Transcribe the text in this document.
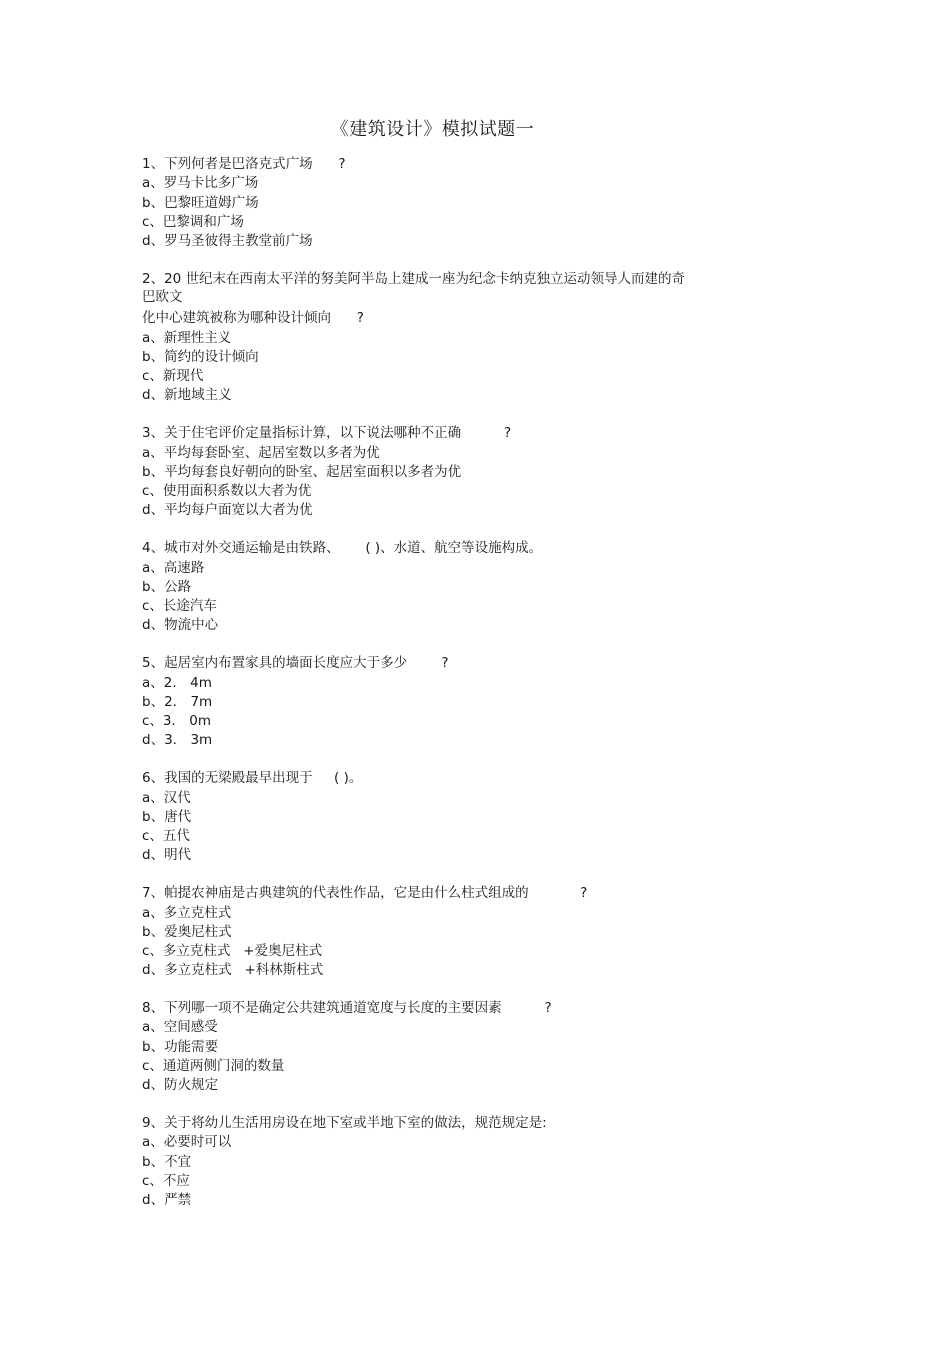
《建筑设计》模拟试题一
1、下列何者是巴洛克式广场      ?
a、罗马卡比多广场
b、巴黎旺道姆广场
c、巴黎调和广场
d、罗马圣彼得主教堂前广场
2、20 世纪末在西南太平洋的努美阿半岛上建成一座为纪念卡纳克独立运动领导人而建的奇
巴欧文
化中心建筑被称为哪种设计倾向      ?
a、新理性主义
b、简约的设计倾向
c、新现代
d、新地域主义
3、关于住宅评价定量指标计算，以下说法哪种不正确          ?
a、平均每套卧室、起居室数以多者为优
b、平均每套良好朝向的卧室、起居室面积以多者为优
c、使用面积系数以大者为优
d、平均每户面宽以大者为优
4、城市对外交通运输是由铁路、      ( )、水道、航空等设施构成。
a、高速路
b、公路
c、长途汽车
d、物流中心
5、起居室内布置家具的墙面长度应大于多少        ?
a、2． 4m
b、2． 7m
c、3． 0m
d、3． 3m
6、我国的无梁殿最早出现于     ( )。
a、汉代
b、唐代
c、五代
d、明代
7、帕提农神庙是古典建筑的代表性作品，它是由什么柱式组成的            ?
a、多立克柱式
b、爱奥尼柱式
c、多立克柱式   +爱奥尼柱式
d、多立克柱式   +科林斯柱式
8、下列哪一项不是确定公共建筑通道宽度与长度的主要因素          ?
a、空间感受
b、功能需要
c、通道两侧门洞的数量
d、防火规定
9、关于将幼儿生活用房设在地下室或半地下室的做法，规范规定是:
a、必要时可以
b、不宜
c、不应
d、严禁
